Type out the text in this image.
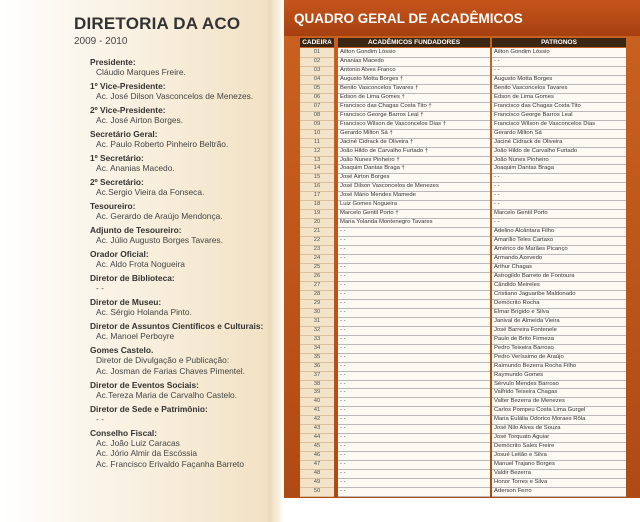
DIRETORIA DA ACO
2009 - 2010
Presidente:
Cláudio Marques Freire.
1º Vice-Presidente:
Ac. José Dilson Vasconcelos de Menezes.
2º Vice-Presidente:
Ac. José Airton Borges.
Secretário Geral:
Ac. Paulo Roberto Pinheiro Beltrão.
1º Secretário:
Ac. Ananias Macedo.
2º Secretário:
Ac.Sergio Vieira da Fonseca.
Tesoureiro:
Ac. Gerardo de Araújo Mendonça.
Adjunto de Tesoureiro:
Ac. Júlio Augusto Borges Tavares.
Orador Oficial:
Ac. Aldo Frota Nogueira
Diretor de Biblioteca:
- -
Diretor de Museu:
Ac. Sérgio Holanda Pinto.
Diretor de Assuntos Científicos e Culturais:
Ac. Manoel Perboyre
Gomes Castelo.
Diretor de Divulgação e Publicação:
Ac. Josman de Farias Chaves Pimentel.
Diretor de Eventos Sociais:
Ac.Tereza Maria de Carvalho Castelo.
Diretor de Sede e Patrimônio:
- -
Conselho Fiscal:
Ac. João Luiz Caracas
Ac. Jório Almir da Escóssia
Ac. Francisco Erivaldo Façanha Barreto
QUADRO GERAL DE ACADÊMICOS
CADEIRA	ACADÊMICOS FUNDADORES	PATRONOS
01	Ailton Gondim Lóssio	Ailton Gondim Lóssio
02	Ananias Macedo	- -
03	Antonio Alves Franco	- -
04	Augusto Motta Borges †	Augusto Motta Borges
05	Benito Vasconcelos Tavares †	Benito Vasconcelos Tavares
06	Edson de Lima Gomes †	Edson de Lima Gomes
07	Francisco das Chagas Costa Tito †	Francisco das Chagas Costa Tito
08	Francisco George Barros Leal †	Francisco George Barros Leal
09	Francisco Wilson de Vasconcelos Dias †	Francisco Wilson de Vasconcelos Dias
10	Gerardo Milton Sá †	Gerardo Milton Sá
11	Jaciné Cidrack de Oliveira †	Jaciné Cidrack de Oliveira
12	João Hildo de Carvalho Furtado †	João Hildo de Carvalho Furtado
13	João Nunes Pinheiro †	João Nunes Pinheiro
14	Joaquim Dantas Braga †	Joaquim Dantas Braga
15	José Airton Borges	- -
16	José Dilson Vasconcelos de Menezes	- -
17	José Mário Mendes Mamede	- -
18	Luiz Gomes Nogueira	- -
19	Marcelo Gentil Porto †	Marcelo Gentil Porto
20	Maria Yolanda Montenegro Tavares	- -
21	- -	Adelino Alcântara Filho
22	- -	Amarílio Teles Cartaxo
23	- -	Américo de Marães Picanço
24	- -	Armando Azevedo
25	- -	Arthur Chagas
26	- -	Astrogildo Barreto de Fontoura
27	- -	Cândido Meireles
28	- -	Cristiano Jaguaribe Maldonado
29	- -	Demócrito Rocha
30	- -	Elmar Brígido e Silva
31	- -	Janival de Almeida Vieira
32	- -	José Barreira Fontenele
33	- -	Paulo de Brito Firmeza
34	- -	Pedro Teixeira Barroso
35	- -	Pedro Veríssimo de Araújo
36	- -	Raimundo Bezerra Rocha Filho
37	- -	Raymundo Gomes
38	- -	Sérvulo Mendes Barroso
39	- -	Valfrido Teixeira Chagas
40	- -	Valter Bezerra de Menezes
41	- -	Carlos Pompeu Costa Lima Gurgel
42	- -	Maria Eulália Odorico Moraes Rôla
43	- -	José Nilo Alves de Souza
44	- -	José Torquato Aguiar
45	- -	Demócrito Sales Freire
46	- -	Josué Leitão e Silva
47	- -	Manuel Trajano Borges
48	- -	Valdir Bezerra
49	- -	Honor Torres e Silva
50	- -	Aderson Ferro
